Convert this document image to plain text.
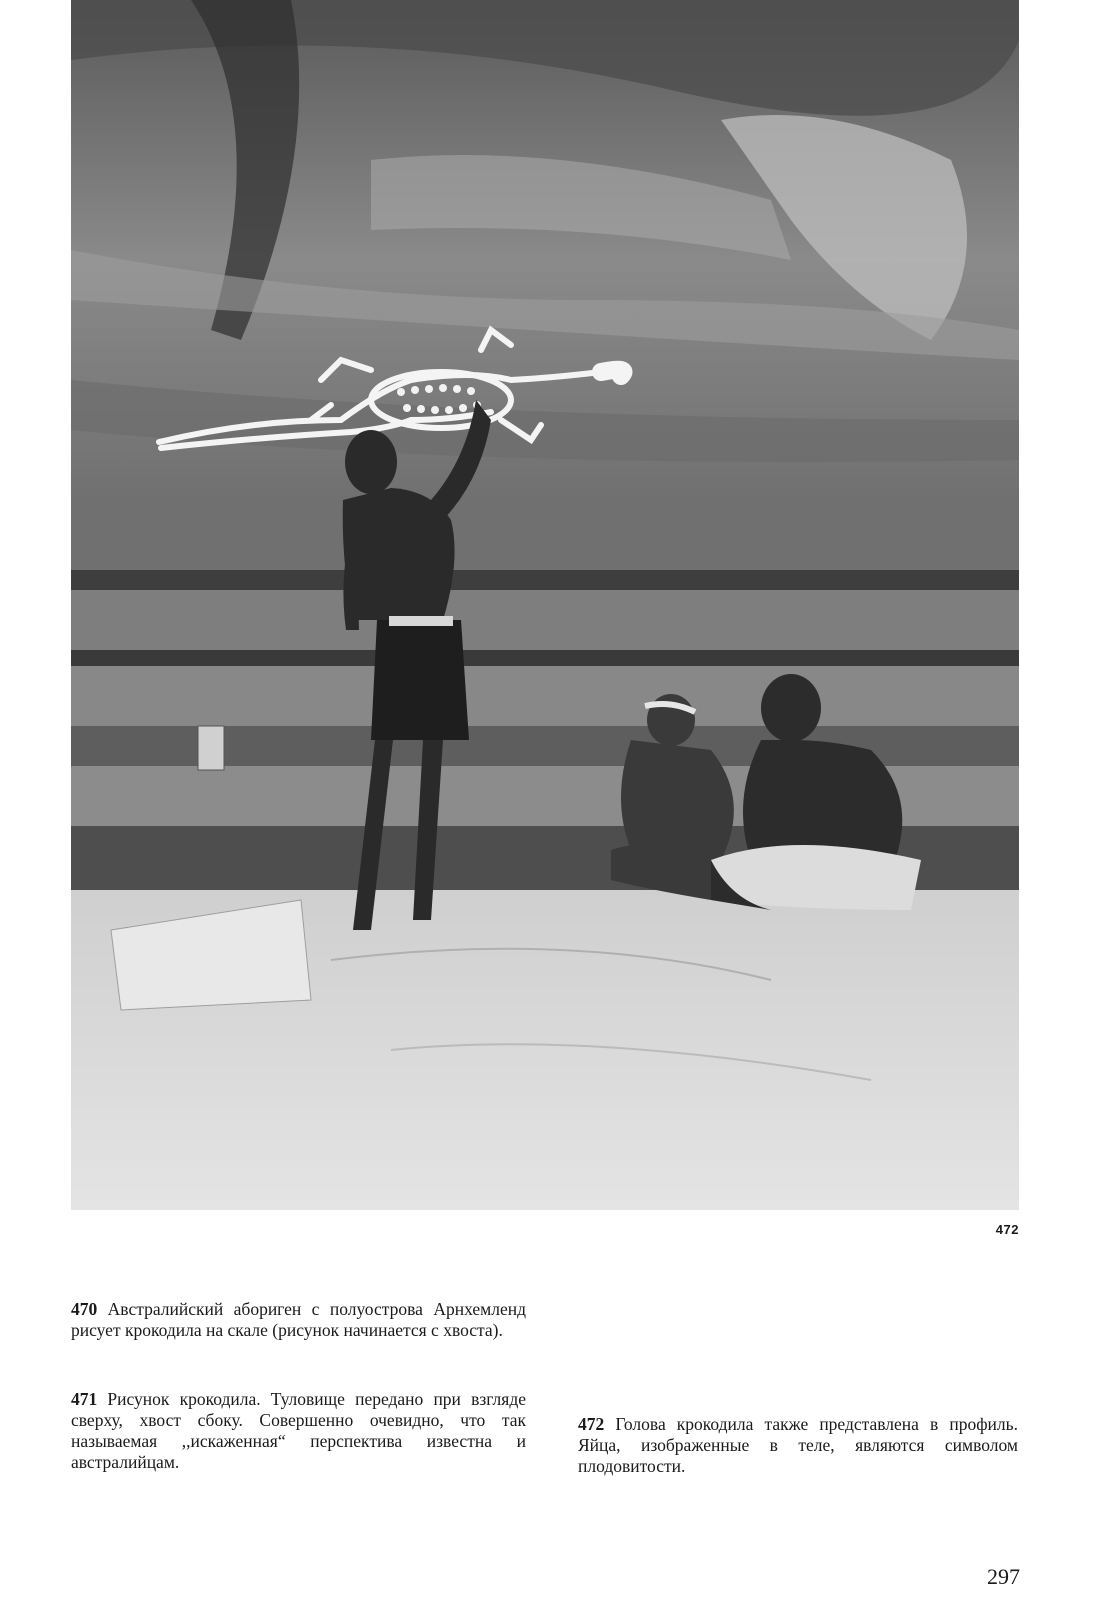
472
470 Австралийский абориген с полуострова Арнхемленд рисует крокодила на скале (рисунок начинается с хвоста).
471 Рисунок крокодила. Туловище передано при взгляде сверху, хвост сбоку. Совершенно очевидно, что так называемая ,,искаженная“ перспектива известна и австралийцам.
472 Голова крокодила также представлена в профиль. Яйца, изображенные в теле, являются символом плодовитости.
297
